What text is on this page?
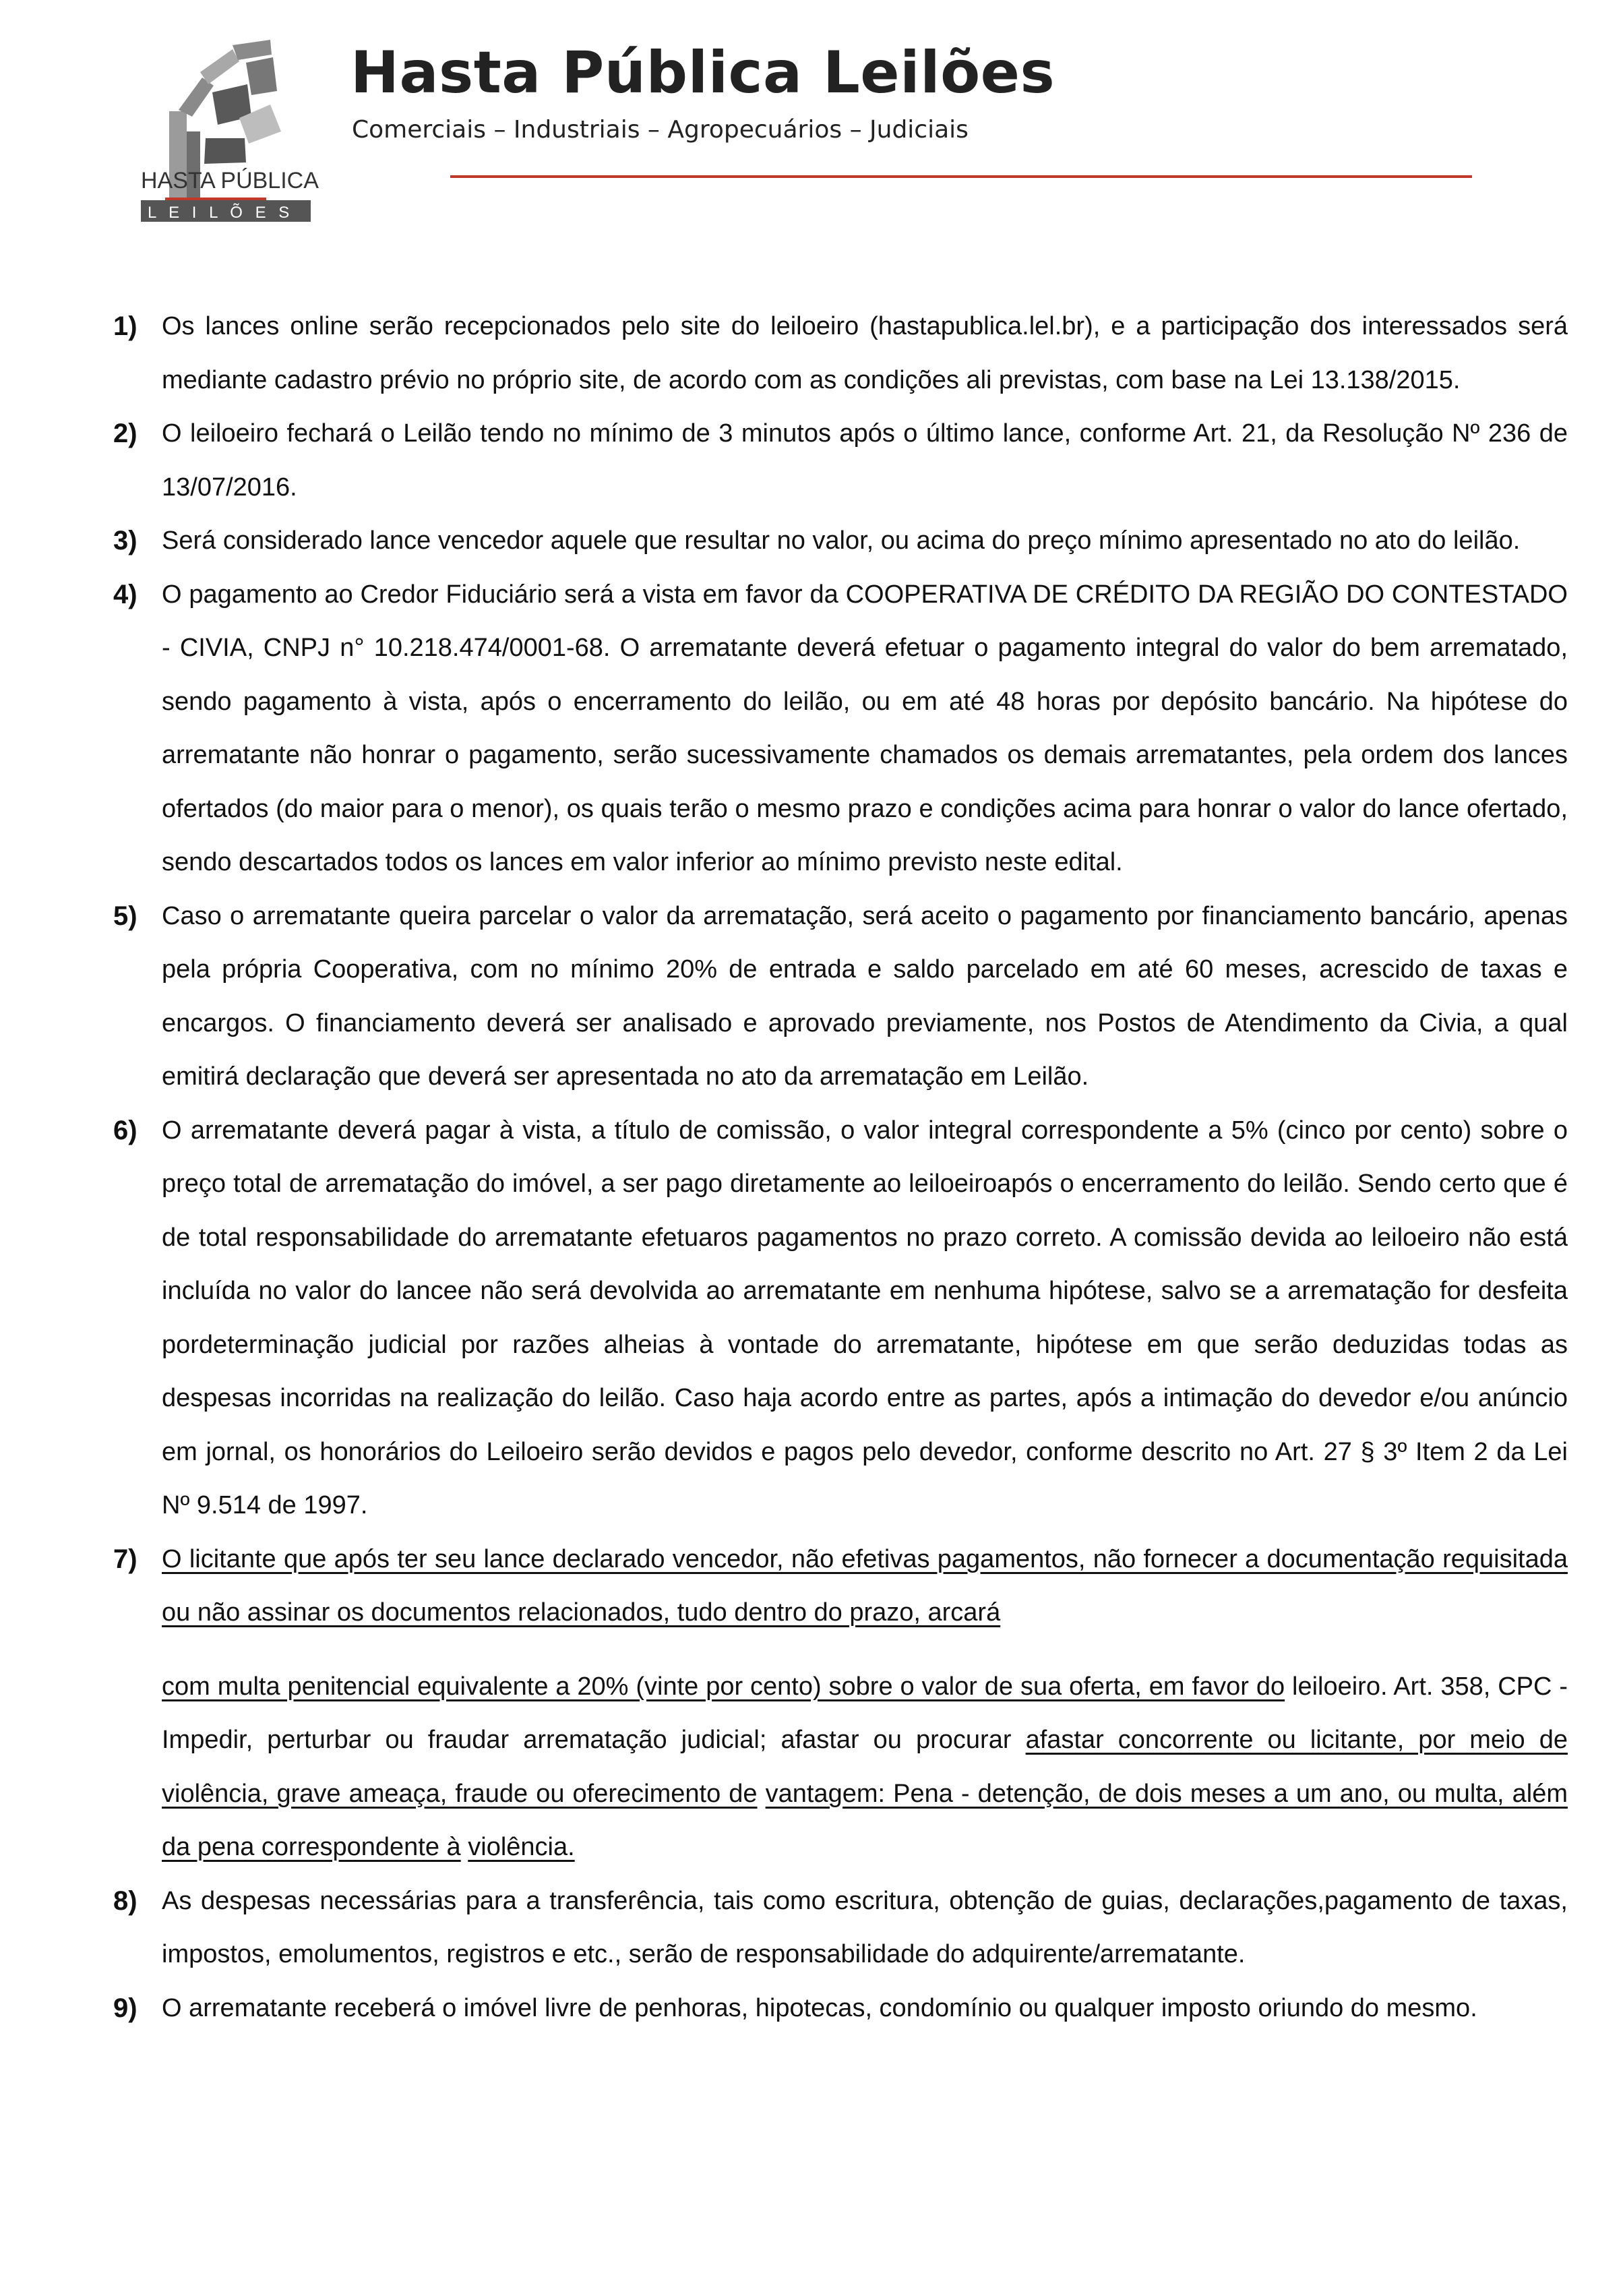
HASTA PÚBLICA
L E I L Õ E S
Hasta Pública Leilões
Comerciais – Industriais – Agropecuários – Judiciais
1) Os lances online serão recepcionados pelo site do leiloeiro (hastapublica.lel.br), e a participação dos interessados será mediante cadastro prévio no próprio site, de acordo com as condições ali previstas, com base na Lei 13.138/2015.
2) O leiloeiro fechará o Leilão tendo no mínimo de 3 minutos após o último lance, conforme Art. 21, da Resolução Nº 236 de 13/07/2016.
3) Será considerado lance vencedor aquele que resultar no valor, ou acima do preço mínimo apresentado no ato do leilão.
4) O pagamento ao Credor Fiduciário será a vista em favor da COOPERATIVA DE CRÉDITO DA REGIÃO DO CONTESTADO - CIVIA, CNPJ n° 10.218.474/0001-68. O arrematante deverá efetuar o pagamento integral do valor do bem arrematado, sendo pagamento à vista, após o encerramento do leilão, ou em até 48 horas por depósito bancário. Na hipótese do arrematante não honrar o pagamento, serão sucessivamente chamados os demais arrematantes, pela ordem dos lances ofertados (do maior para o menor), os quais terão o mesmo prazo e condições acima para honrar o valor do lance ofertado, sendo descartados todos os lances em valor inferior ao mínimo previsto neste edital.
5) Caso o arrematante queira parcelar o valor da arrematação, será aceito o pagamento por financiamento bancário, apenas pela própria Cooperativa, com no mínimo 20% de entrada e saldo parcelado em até 60 meses, acrescido de taxas e encargos. O financiamento deverá ser analisado e aprovado previamente, nos Postos de Atendimento da Civia, a qual emitirá declaração que deverá ser apresentada no ato da arrematação em Leilão.
6) O arrematante deverá pagar à vista, a título de comissão, o valor integral correspondente a 5% (cinco por cento) sobre o preço total de arrematação do imóvel, a ser pago diretamente ao leiloeiroapós o encerramento do leilão. Sendo certo que é de total responsabilidade do arrematante efetuaros pagamentos no prazo correto. A comissão devida ao leiloeiro não está incluída no valor do lancee não será devolvida ao arrematante em nenhuma hipótese, salvo se a arrematação for desfeita pordeterminação judicial por razões alheias à vontade do arrematante, hipótese em que serão deduzidas todas as despesas incorridas na realização do leilão. Caso haja acordo entre as partes, após a intimação do devedor e/ou anúncio em jornal, os honorários do Leiloeiro serão devidos e pagos pelo devedor, conforme descrito no Art. 27 § 3º Item 2 da Lei Nº 9.514 de 1997.
7) O licitante que após ter seu lance declarado vencedor, não efetivas pagamentos, não fornecer a documentação requisitada ou não assinar os documentos relacionados, tudo dentro do prazo, arcará
com multa penitencial equivalente a 20% (vinte por cento) sobre o valor de sua oferta, em favor do leiloeiro. Art. 358, CPC - Impedir, perturbar ou fraudar arrematação judicial; afastar ou procurar afastar concorrente ou licitante, por meio de violência, grave ameaça, fraude ou oferecimento de vantagem: Pena - detenção, de dois meses a um ano, ou multa, além da pena correspondente à violência.
8) As despesas necessárias para a transferência, tais como escritura, obtenção de guias, declarações,pagamento de taxas, impostos, emolumentos, registros e etc., serão de responsabilidade do adquirente/arrematante.
9) O arrematante receberá o imóvel livre de penhoras, hipotecas, condomínio ou qualquer imposto oriundo do mesmo.
